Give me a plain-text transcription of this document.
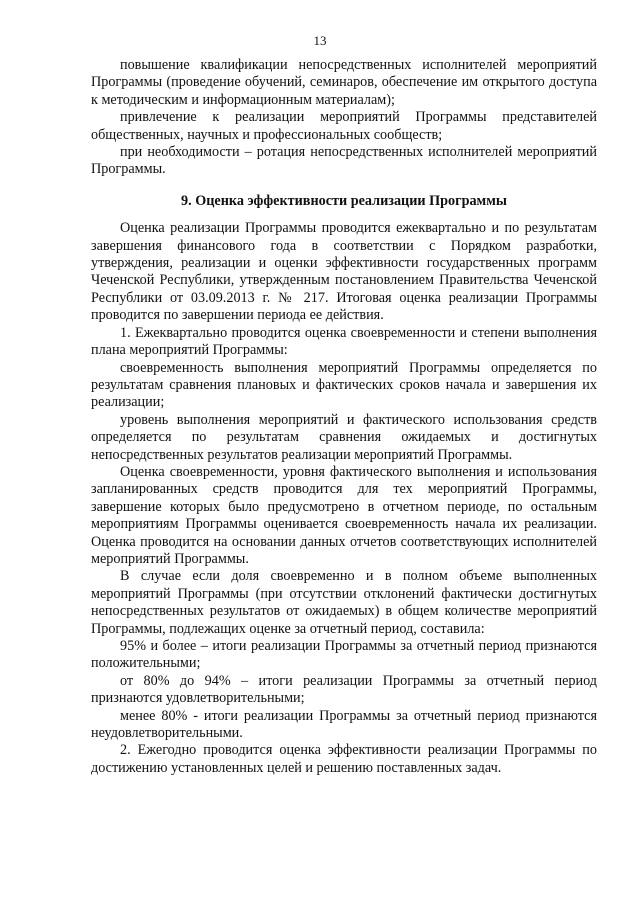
13

повышение квалификации непосредственных исполнителей мероприятий Программы (проведение обучений, семинаров, обеспечение им открытого доступа к методическим и информационным материалам);

привлечение к реализации мероприятий Программы представителей общественных, научных и профессиональных сообществ;

при необходимости – ротация непосредственных исполнителей мероприятий Программы.

9. Оценка эффективности реализации Программы

Оценка реализации Программы проводится ежеквартально и по результатам завершения финансового года в соответствии с Порядком разработки, утверждения, реализации и оценки эффективности государственных программ Чеченской Республики, утвержденным постановлением Правительства Чеченской Республики от 03.09.2013 г. № 217. Итоговая оценка реализации Программы проводится по завершении периода ее действия.

1. Ежеквартально проводится оценка своевременности и степени выполнения плана мероприятий Программы:

своевременность выполнения мероприятий Программы определяется по результатам сравнения плановых и фактических сроков начала и завершения их реализации;

уровень выполнения мероприятий и фактического использования средств определяется по результатам сравнения ожидаемых и достигнутых непосредственных результатов реализации мероприятий Программы.

Оценка своевременности, уровня фактического выполнения и использования запланированных средств проводится для тех мероприятий Программы, завершение которых было предусмотрено в отчетном периоде, по остальным мероприятиям Программы оценивается своевременность начала их реализации. Оценка проводится на основании данных отчетов соответствующих исполнителей мероприятий Программы.

В случае если доля своевременно и в полном объеме выполненных мероприятий Программы (при отсутствии отклонений фактически достигнутых непосредственных результатов от ожидаемых) в общем количестве мероприятий Программы, подлежащих оценке за отчетный период, составила:

95% и более – итоги реализации Программы за отчетный период признаются положительными;

от 80% до 94% – итоги реализации Программы за отчетный период признаются удовлетворительными;

менее 80% - итоги реализации Программы за отчетный период признаются неудовлетворительными.

2. Ежегодно проводится оценка эффективности реализации Программы по достижению установленных целей и решению поставленных задач.
